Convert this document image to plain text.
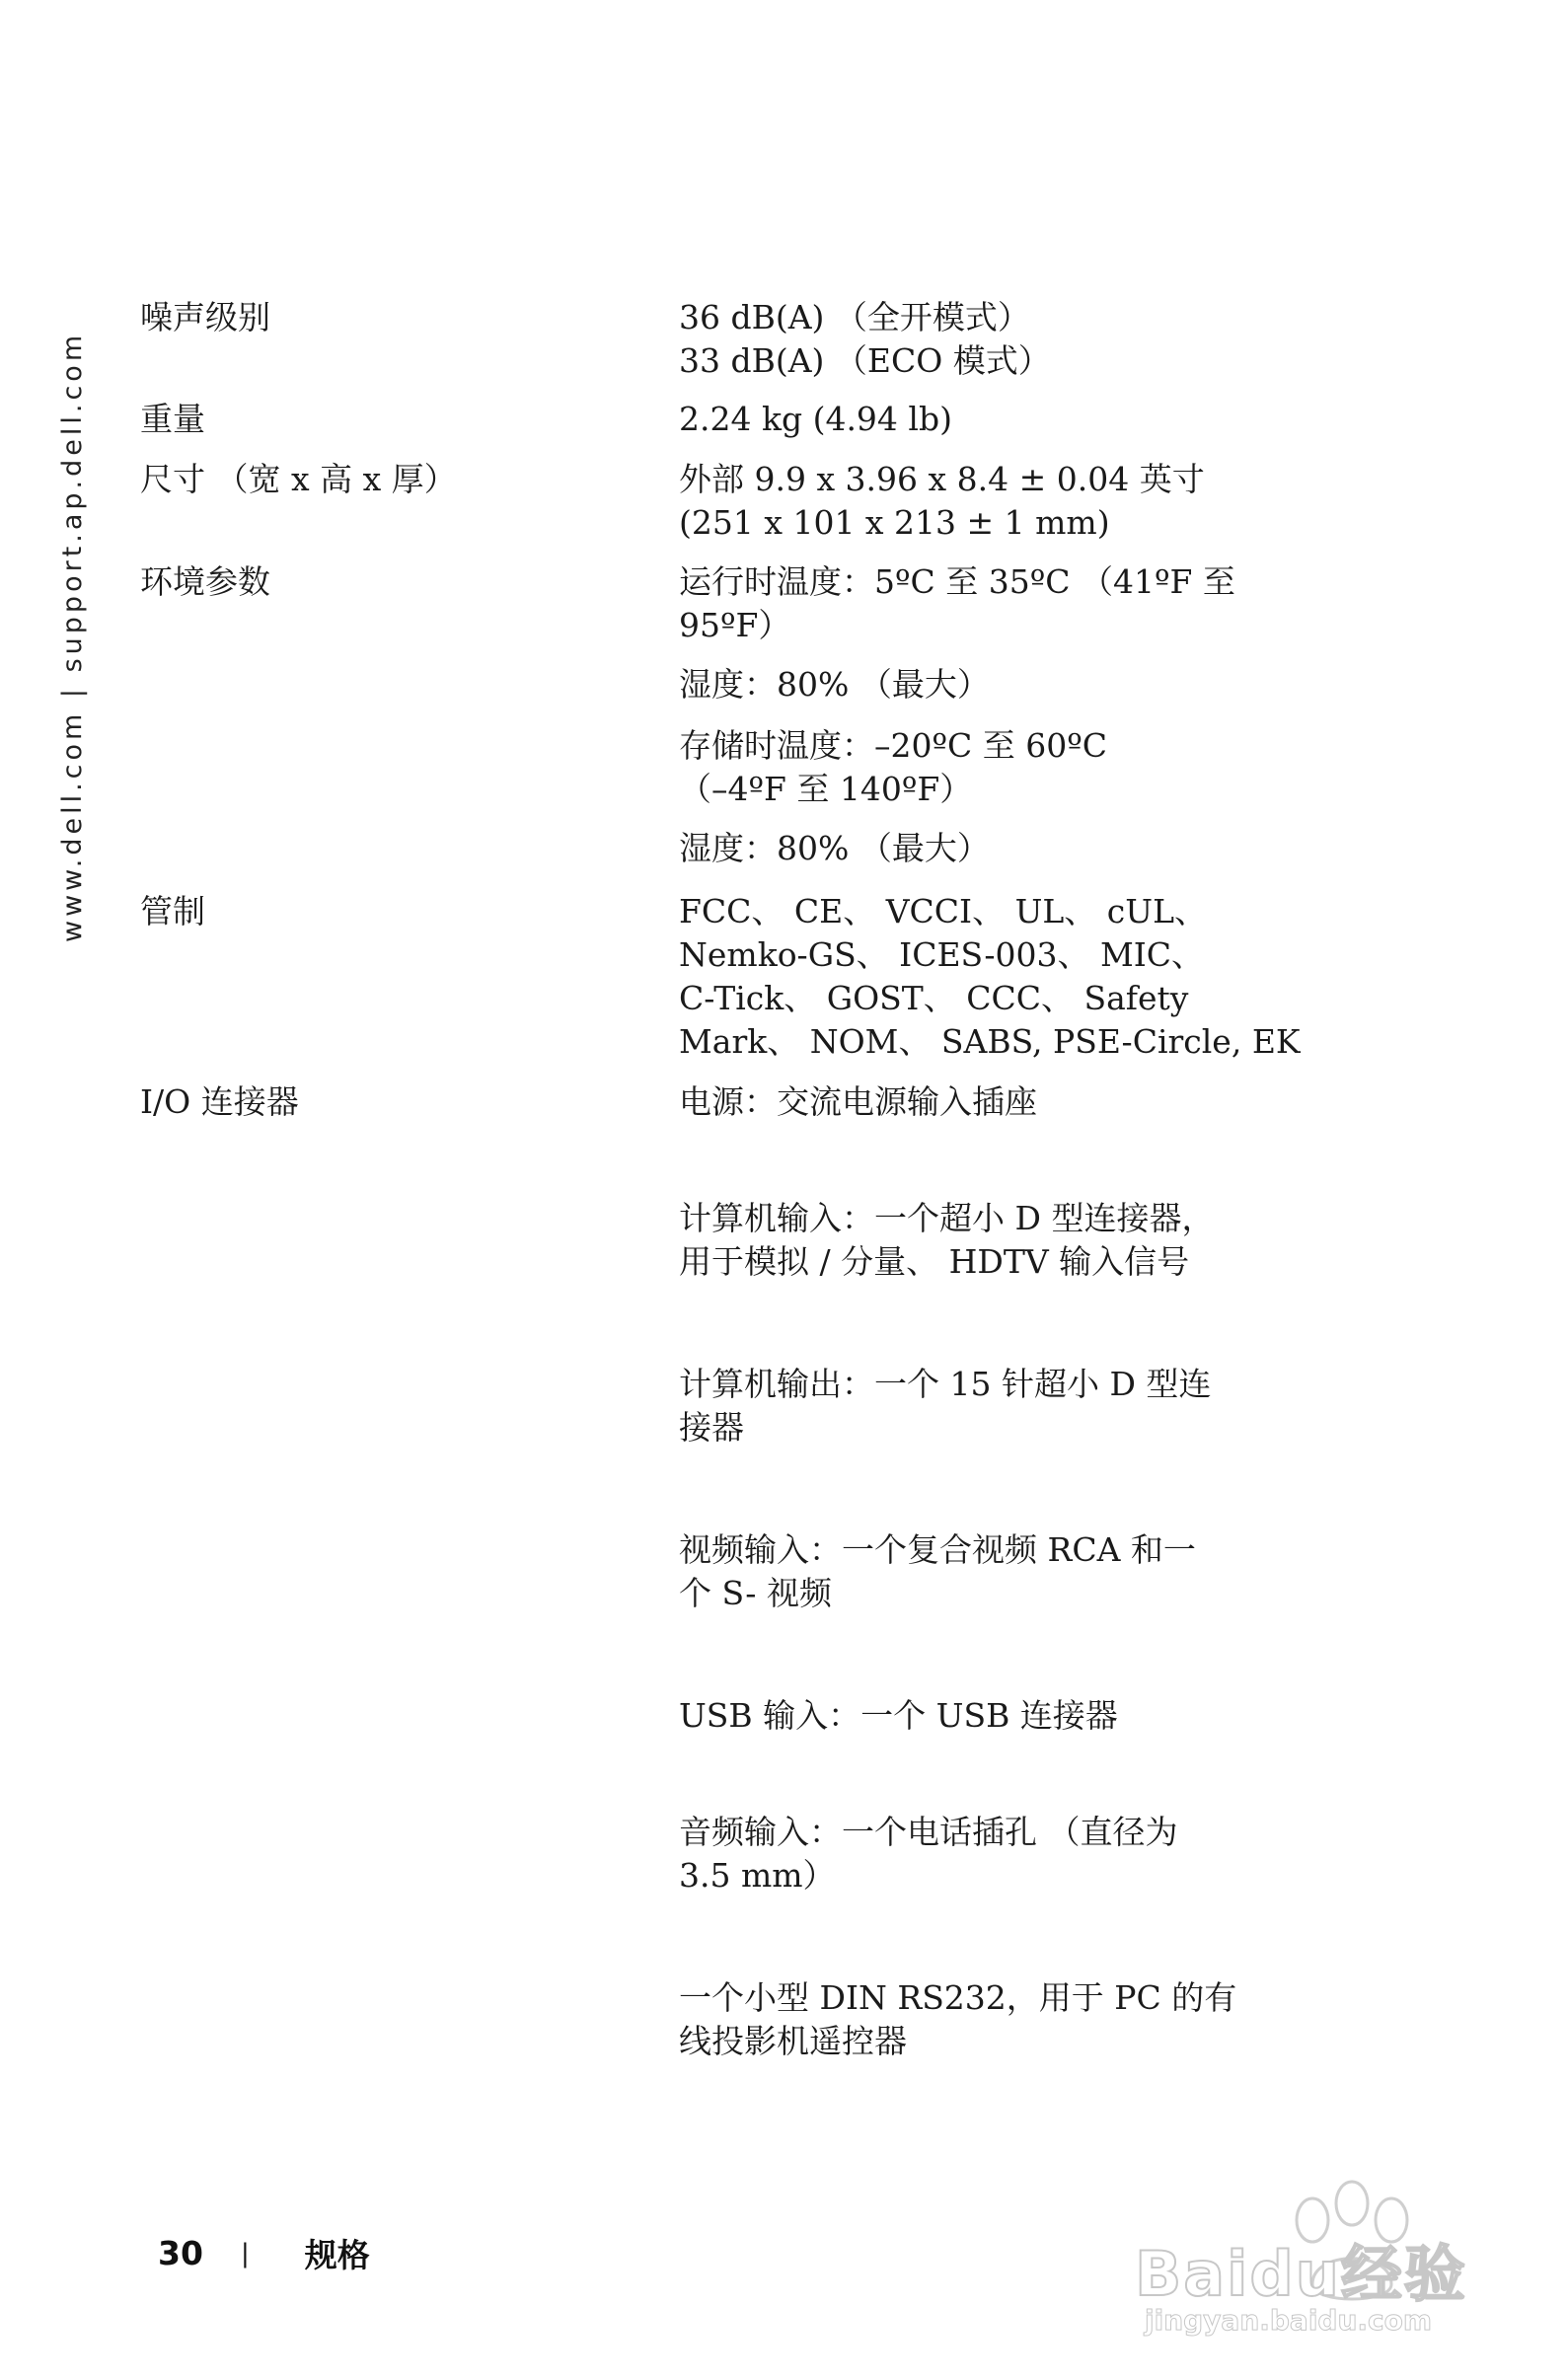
www.dell.com | support.ap.dell.com
噪声级别	36 dB(A) （全开模式）
33 dB(A) （ECO 模式）
重量	2.24 kg (4.94 lb)
尺寸 （宽 x 高 x 厚）	外部 9.9 x 3.96 x 8.4 ± 0.04 英寸
(251 x 101 x 213 ± 1 mm)
环境参数	运行时温度：5ºC 至 35ºC （41ºF 至
95ºF）
湿度：80% （最大）
存储时温度：–20ºC 至 60ºC
（–4ºF 至 140ºF）
湿度：80% （最大）
管制	FCC、 CE、 VCCI、 UL、 cUL、
Nemko-GS、 ICES-003、 MIC、
C-Tick、 GOST、 CCC、 Safety
Mark、 NOM、 SABS, PSE-Circle, EK
I/O 连接器	电源：交流电源输入插座
计算机输入：一个超小 D 型连接器，
用于模拟 / 分量、 HDTV 输入信号
计算机输出：一个 15 针超小 D 型连
接器
视频输入：一个复合视频 RCA 和一
个 S- 视频
USB 输入：一个 USB 连接器
音频输入：一个电话插孔 （直径为
3.5 mm）
一个小型 DIN RS232，用于 PC 的有
线投影机遥控器
30 | 规格	Baidu经验
jingyan.baidu.com
